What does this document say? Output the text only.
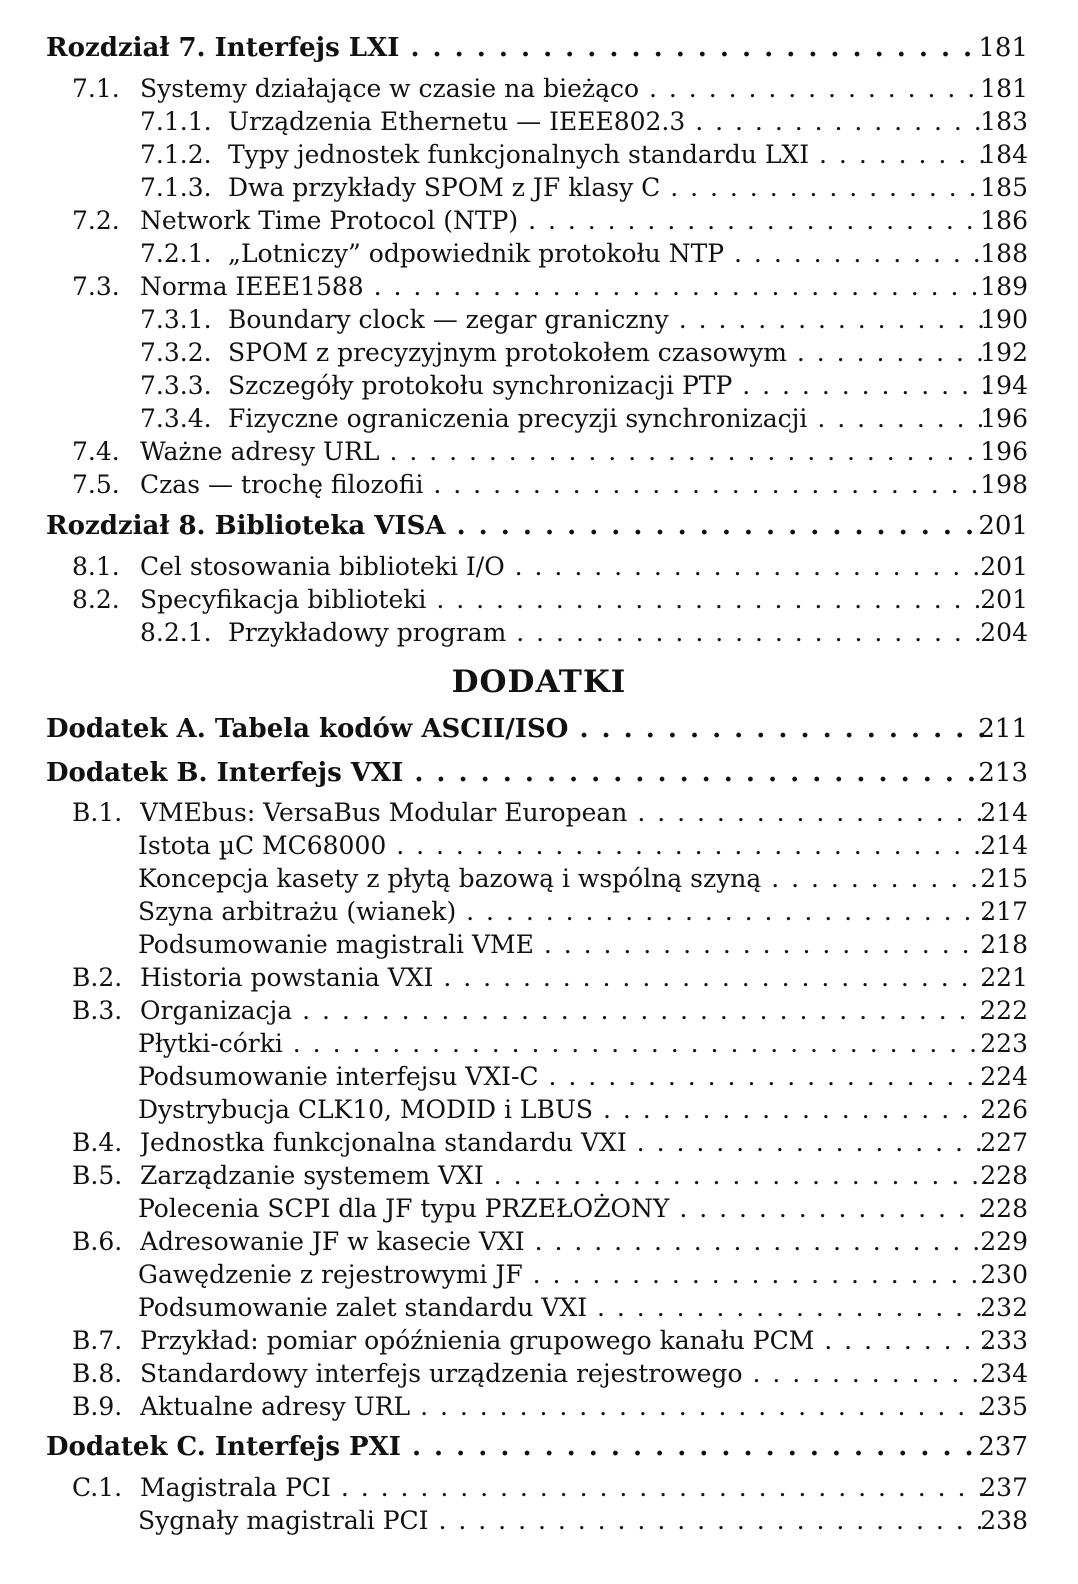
Rozdział 7. Interfejs LXI . . .	181
7.1. Systemy działające w czasie na bieżąco . . .	181
7.1.1. Urządzenia Ethernetu — IEEE802.3 . . .	183
7.1.2. Typy jednostek funkcjonalnych standardu LXI . . .	184
7.1.3. Dwa przykłady SPOM z JF klasy C . . .	185
7.2. Network Time Protocol (NTP) . . .	186
7.2.1. „Lotniczy” odpowiednik protokołu NTP . . .	188
7.3. Norma IEEE1588 . . .	189
7.3.1. Boundary clock — zegar graniczny . . .	190
7.3.2. SPOM z precyzyjnym protokołem czasowym . . .	192
7.3.3. Szczegóły protokołu synchronizacji PTP . . .	194
7.3.4. Fizyczne ograniczenia precyzji synchronizacji . . .	196
7.4. Ważne adresy URL . . .	196
7.5. Czas — trochę filozofii . . .	198
Rozdział 8. Biblioteka VISA . . .	201
8.1. Cel stosowania biblioteki I/O . . .	201
8.2. Specyfikacja biblioteki . . .	201
8.2.1. Przykładowy program . . .	204
DODATKI
Dodatek A. Tabela kodów ASCII/ISO . . .	211
Dodatek B. Interfejs VXI . . .	213
B.1. VMEbus: VersaBus Modular European . . .	214
Istota µC MC68000 . . .	214
Koncepcja kasety z płytą bazową i wspólną szyną . . .	215
Szyna arbitrażu (wianek) . . .	217
Podsumowanie magistrali VME . . .	218
B.2. Historia powstania VXI . . .	221
B.3. Organizacja . . .	222
Płytki-córki . . .	223
Podsumowanie interfejsu VXI-C . . .	224
Dystrybucja CLK10, MODID i LBUS . . .	226
B.4. Jednostka funkcjonalna standardu VXI . . .	227
B.5. Zarządzanie systemem VXI . . .	228
Polecenia SCPI dla JF typu PRZEŁOŻONY . . .	228
B.6. Adresowanie JF w kasecie VXI . . .	229
Gawędzenie z rejestrowymi JF . . .	230
Podsumowanie zalet standardu VXI . . .	232
B.7. Przykład: pomiar opóźnienia grupowego kanału PCM . . .	233
B.8. Standardowy interfejs urządzenia rejestrowego . . .	234
B.9. Aktualne adresy URL . . .	235
Dodatek C. Interfejs PXI . . .	237
C.1. Magistrala PCI . . .	237
Sygnały magistrali PCI . . .	238
